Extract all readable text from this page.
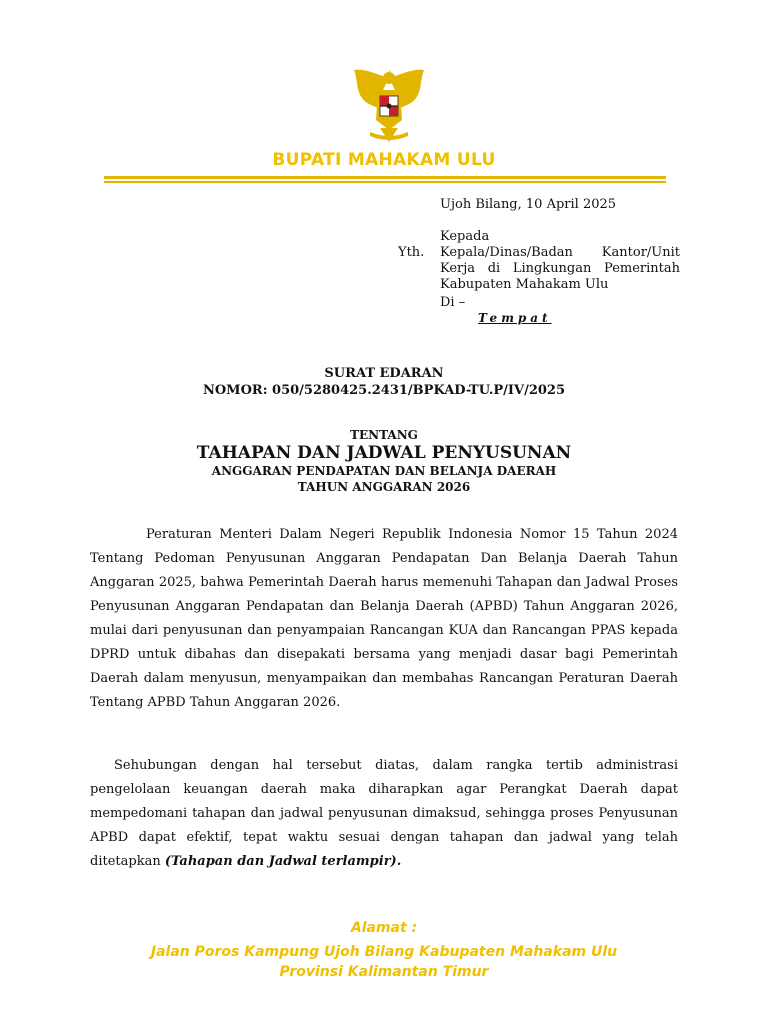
BUPATI MAHAKAM ULU
Ujoh Bilang, 10 April 2025
Kepada
Yth. Kepala/Dinas/Badan Kantor/Unit Kerja di Lingkungan Pemerintah Kabupaten Mahakam Ulu
Di –
Tempat
SURAT EDARAN
NOMOR: 050/5280425.2431/BPKAD-TU.P/IV/2025
TENTANG
TAHAPAN DAN JADWAL PENYUSUNAN
ANGGARAN PENDAPATAN DAN BELANJA DAERAH
TAHUN ANGGARAN 2026

Peraturan Menteri Dalam Negeri Republik Indonesia Nomor 15 Tahun 2024 Tentang Pedoman Penyusunan Anggaran Pendapatan Dan Belanja Daerah Tahun Anggaran 2025, bahwa Pemerintah Daerah harus memenuhi Tahapan dan Jadwal Proses Penyusunan Anggaran Pendapatan dan Belanja Daerah (APBD) Tahun Anggaran 2026, mulai dari penyusunan dan penyampaian Rancangan KUA dan Rancangan PPAS kepada DPRD untuk dibahas dan disepakati bersama yang menjadi dasar bagi Pemerintah Daerah dalam menyusun, menyampaikan dan membahas Rancangan Peraturan Daerah Tentang APBD Tahun Anggaran 2026.

Sehubungan dengan hal tersebut diatas, dalam rangka tertib administrasi pengelolaan keuangan daerah maka diharapkan agar Perangkat Daerah dapat mempedomani tahapan dan jadwal penyusunan dimaksud, sehingga proses Penyusunan APBD dapat efektif, tepat waktu sesuai dengan tahapan dan jadwal yang telah ditetapkan (Tahapan dan Jadwal terlampir).

Alamat :
Jalan Poros Kampung Ujoh Bilang Kabupaten Mahakam Ulu
Provinsi Kalimantan Timur
